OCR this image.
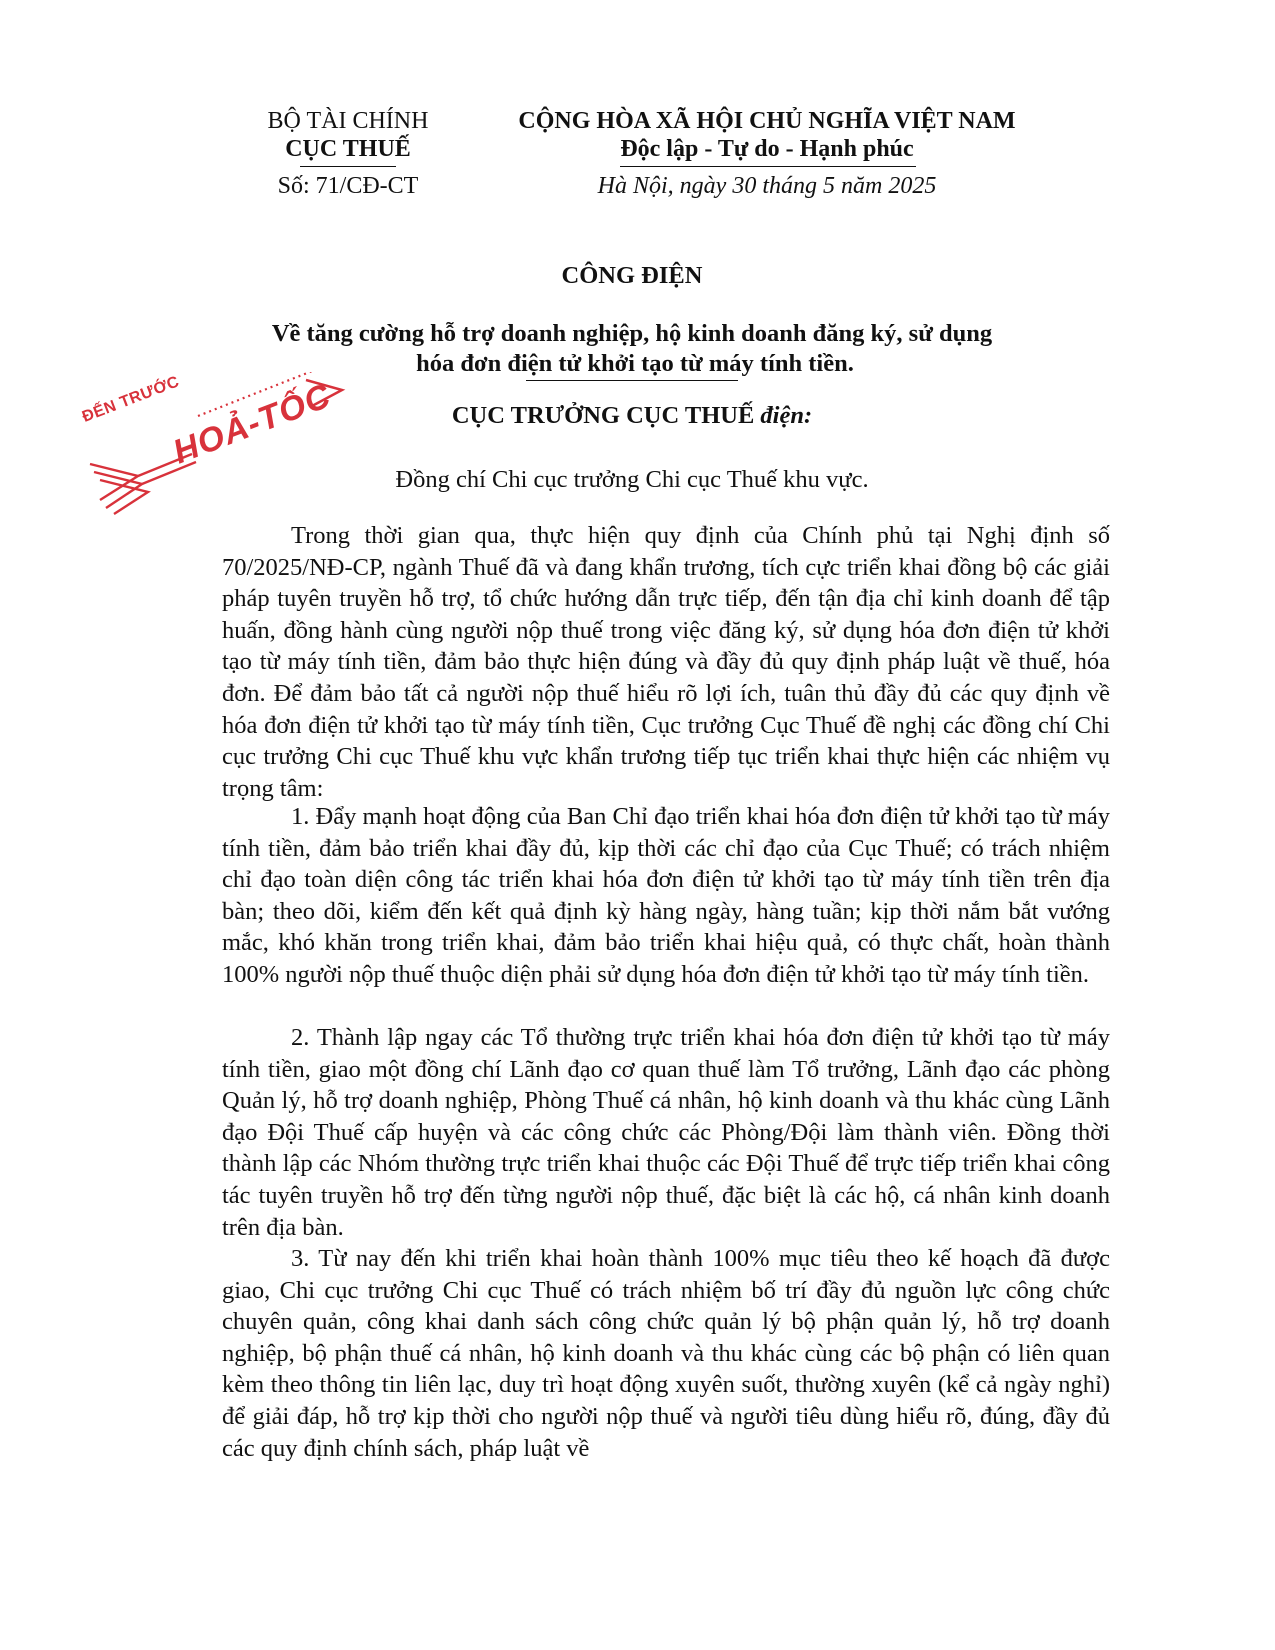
BỘ TÀI CHÍNH
CỤC THUẾ
Số: 71/CĐ-CT
CỘNG HÒA XÃ HỘI CHỦ NGHĨA VIỆT NAM
Độc lập - Tự do - Hạnh phúc
Hà Nội, ngày 30 tháng 5 năm 2025
CÔNG ĐIỆN
Về tăng cường hỗ trợ doanh nghiệp, hộ kinh doanh đăng ký, sử dụng
hóa đơn điện tử khởi tạo từ máy tính tiền.
CỤC TRƯỞNG CỤC THUẾ điện:
Đồng chí Chi cục trưởng Chi cục Thuế khu vực.
ĐẾN TRƯỚC
HOẢ-TỐC

Trong thời gian qua, thực hiện quy định của Chính phủ tại Nghị định số 70/2025/NĐ-CP, ngành Thuế đã và đang khẩn trương, tích cực triển khai đồng bộ các giải pháp tuyên truyền hỗ trợ, tổ chức hướng dẫn trực tiếp, đến tận địa chỉ kinh doanh để tập huấn, đồng hành cùng người nộp thuế trong việc đăng ký, sử dụng hóa đơn điện tử khởi tạo từ máy tính tiền, đảm bảo thực hiện đúng và đầy đủ quy định pháp luật về thuế, hóa đơn. Để đảm bảo tất cả người nộp thuế hiểu rõ lợi ích, tuân thủ đầy đủ các quy định về hóa đơn điện tử khởi tạo từ máy tính tiền, Cục trưởng Cục Thuế đề nghị các đồng chí Chi cục trưởng Chi cục Thuế khu vực khẩn trương tiếp tục triển khai thực hiện các nhiệm vụ trọng tâm:

1. Đẩy mạnh hoạt động của Ban Chỉ đạo triển khai hóa đơn điện tử khởi tạo từ máy tính tiền, đảm bảo triển khai đầy đủ, kịp thời các chỉ đạo của Cục Thuế; có trách nhiệm chỉ đạo toàn diện công tác triển khai hóa đơn điện tử khởi tạo từ máy tính tiền trên địa bàn; theo dõi, kiểm đến kết quả định kỳ hàng ngày, hàng tuần; kịp thời nắm bắt vướng mắc, khó khăn trong triển khai, đảm bảo triển khai hiệu quả, có thực chất, hoàn thành 100% người nộp thuế thuộc diện phải sử dụng hóa đơn điện tử khởi tạo từ máy tính tiền.

2. Thành lập ngay các Tổ thường trực triển khai hóa đơn điện tử khởi tạo từ máy tính tiền, giao một đồng chí Lãnh đạo cơ quan thuế làm Tổ trưởng, Lãnh đạo các phòng Quản lý, hỗ trợ doanh nghiệp, Phòng Thuế cá nhân, hộ kinh doanh và thu khác cùng Lãnh đạo Đội Thuế cấp huyện và các công chức các Phòng/Đội làm thành viên. Đồng thời thành lập các Nhóm thường trực triển khai thuộc các Đội Thuế để trực tiếp triển khai công tác tuyên truyền hỗ trợ đến từng người nộp thuế, đặc biệt là các hộ, cá nhân kinh doanh trên địa bàn.

3. Từ nay đến khi triển khai hoàn thành 100% mục tiêu theo kế hoạch đã được giao, Chi cục trưởng Chi cục Thuế có trách nhiệm bố trí đầy đủ nguồn lực công chức chuyên quản, công khai danh sách công chức quản lý bộ phận quản lý, hỗ trợ doanh nghiệp, bộ phận thuế cá nhân, hộ kinh doanh và thu khác cùng các bộ phận có liên quan kèm theo thông tin liên lạc, duy trì hoạt động xuyên suốt, thường xuyên (kể cả ngày nghỉ) để giải đáp, hỗ trợ kịp thời cho người nộp thuế và người tiêu dùng hiểu rõ, đúng, đầy đủ các quy định chính sách, pháp luật về
